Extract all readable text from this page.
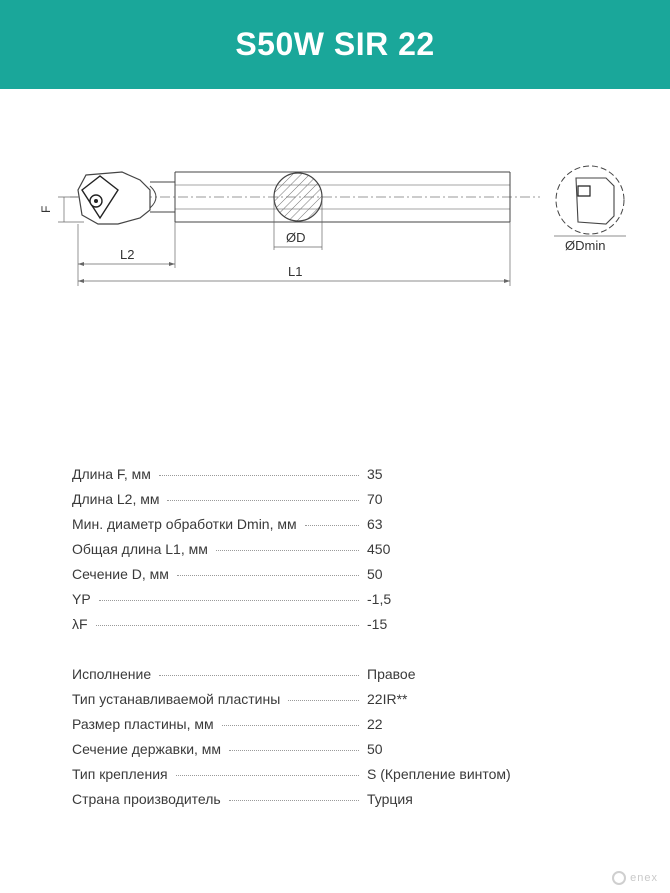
S50W SIR 22
F
ØD
L2
L1
ØDmin
Длина F, мм	35
Длина L2, мм	70
Мин. диаметр обработки Dmin, мм	63
Общая длина L1, мм	450
Сечение D, мм	50
YP	-1,5
λF	-15
Исполнение	Правое
Тип устанавливаемой пластины	22IR**
Размер пластины, мм	22
Сечение державки, мм	50
Тип крепления	S (Крепление винтом)
Страна производитель	Турция
enex
